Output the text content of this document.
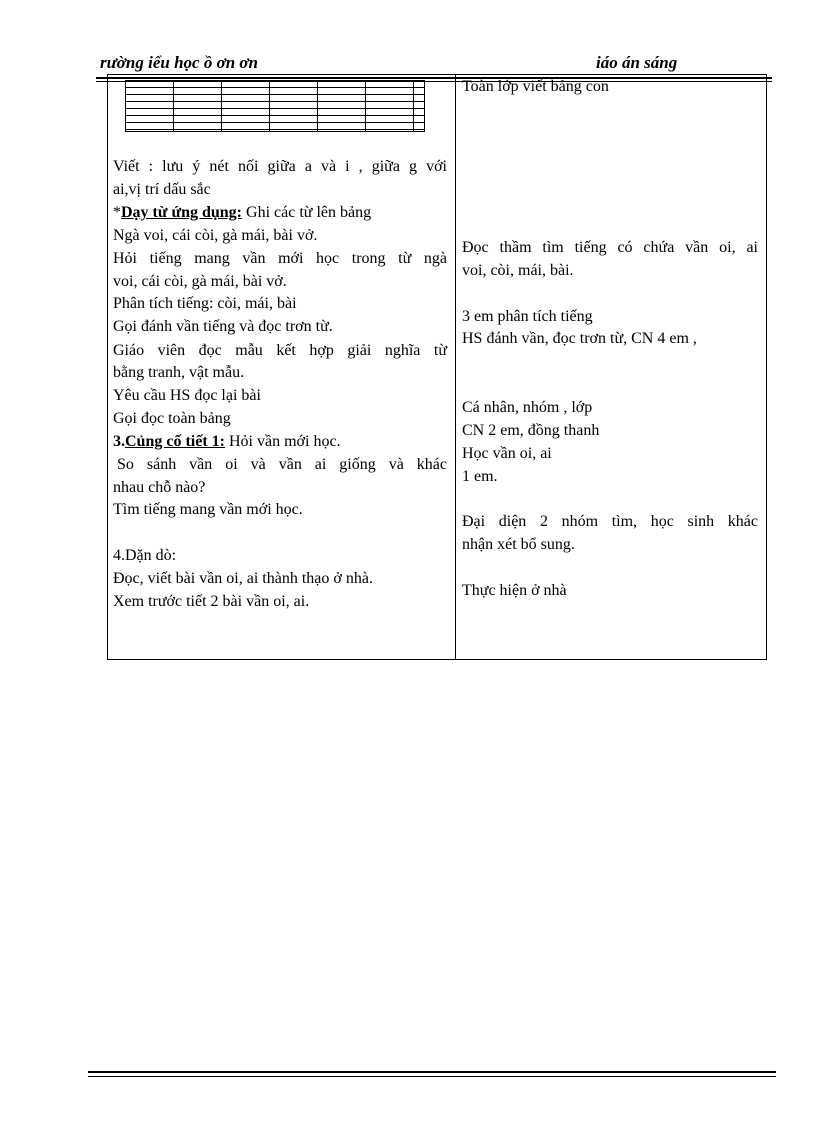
rường iểu học ồ ơn ơn	iáo án sáng
Viết : lưu ý nét nối giữa a và i , giữa g với
ai,vị trí dấu sắc
*Dạy từ ứng dụng: Ghi các từ lên bảng
Ngà voi, cái còi, gà mái, bài vở.
Hỏi tiếng mang vần mới học trong từ ngà
voi, cái còi, gà mái, bài vở.
Phân tích tiếng: còi, mái, bài
Gọi đánh vần tiếng và đọc trơn từ.
Giáo viên đọc mẫu kết hợp giải nghĩa từ
bằng tranh, vật mẫu.
Yêu cầu HS đọc lại bài
Gọi đọc toàn bảng
3.Củng cố tiết 1: Hỏi vần mới học.
So sánh vần oi và vần ai giống và khác
nhau chỗ nào?
Tìm tiếng mang vần mới học.
4.Dặn dò:
Đọc, viết bài vần oi, ai thành thạo ở nhà.
Xem trước tiết 2 bài vần oi, ai.
Toàn lớp viết bảng con
Đọc thầm tìm tiếng có chứa vần oi, ai
voi, còi, mái, bài.
3 em phân tích tiếng
HS đánh vần, đọc trơn từ, CN 4 em ,
Cá nhân, nhóm , lớp
CN 2 em, đồng thanh
Học vần oi, ai
1 em.
Đại diện 2 nhóm tìm, học sinh khác
nhận xét bổ sung.
Thực hiện ở nhà
